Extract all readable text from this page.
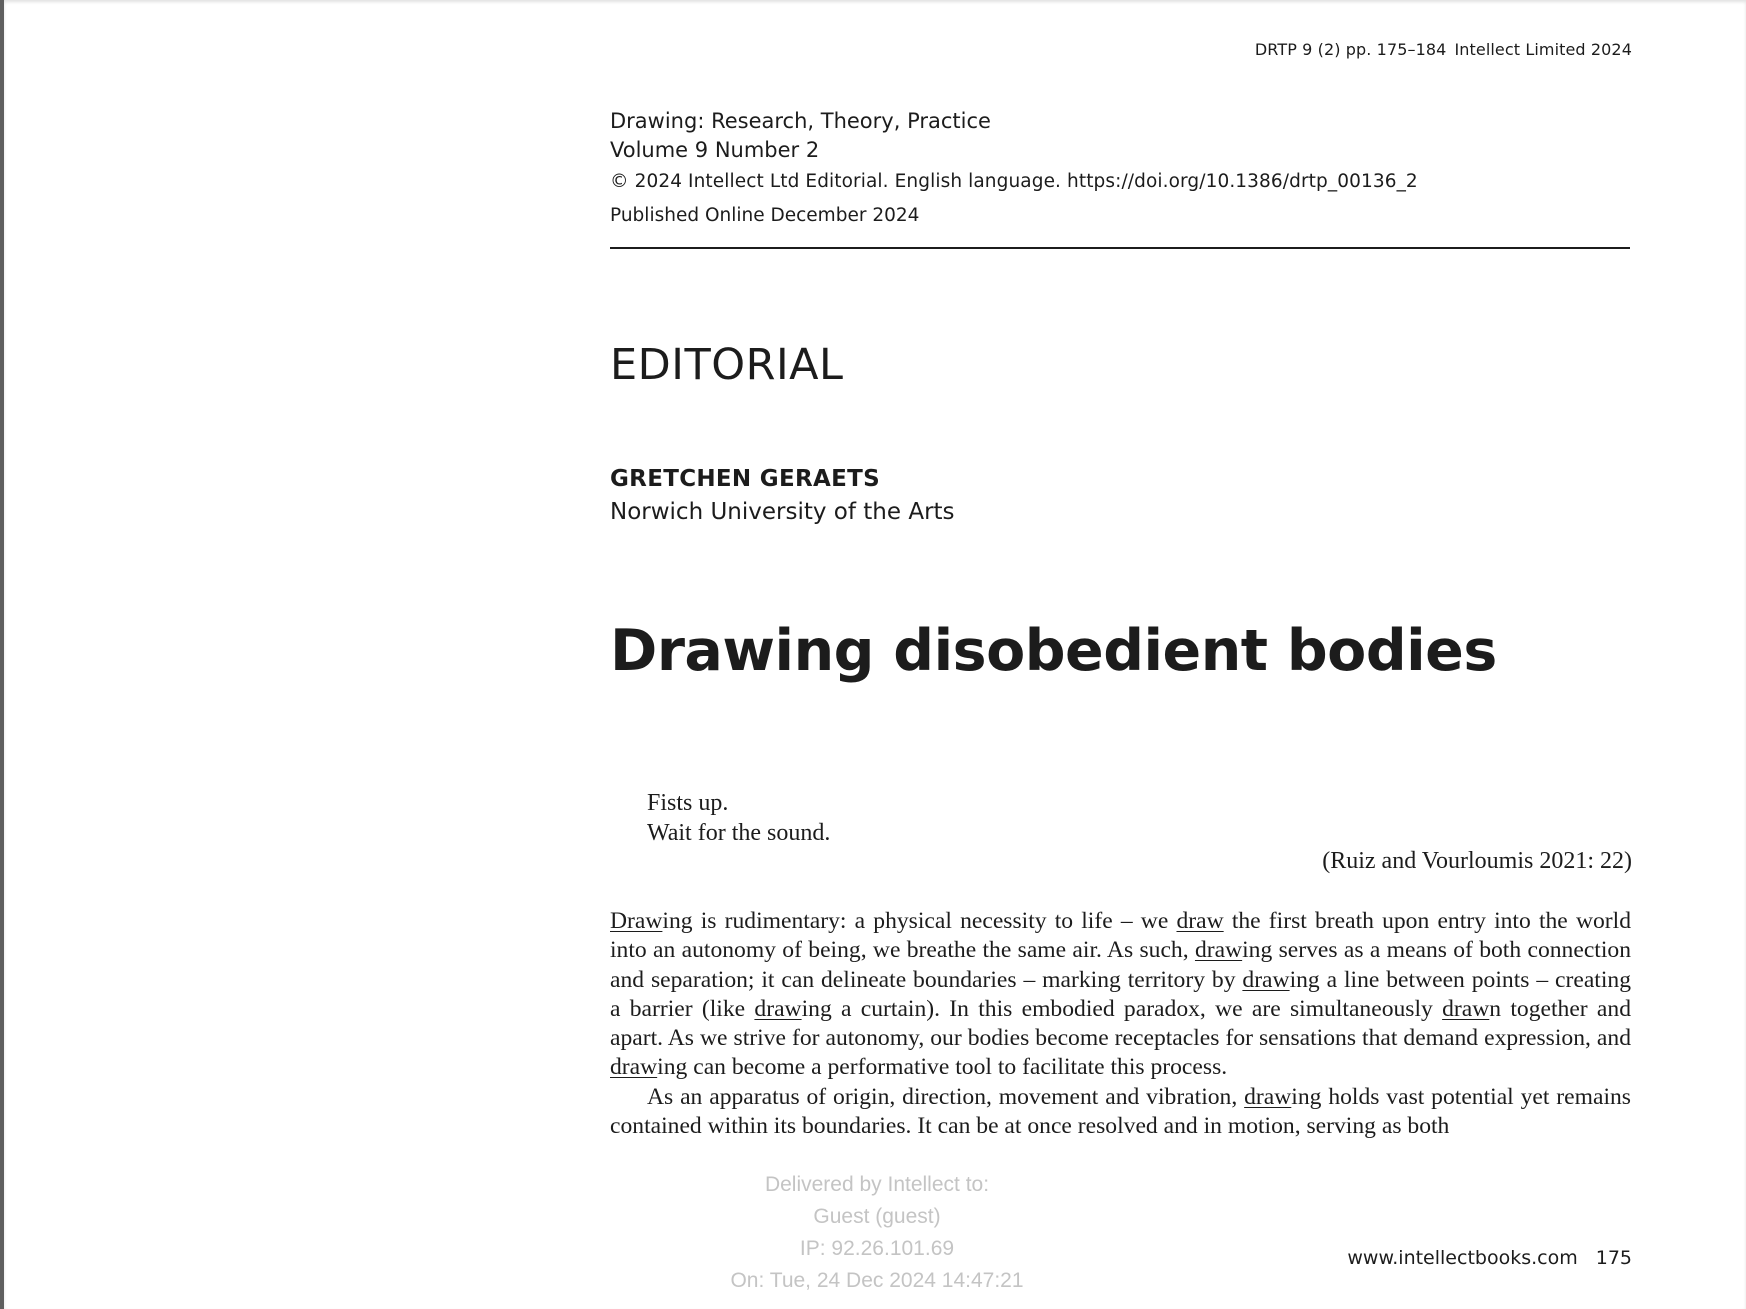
DRTP 9 (2) pp. 175–184 Intellect Limited 2024
Drawing: Research, Theory, Practice
Volume 9 Number 2
© 2024 Intellect Ltd Editorial. English language. https://doi.org/10.1386/drtp_00136_2
Published Online December 2024
EDITORIAL
GRETCHEN GERAETS
Norwich University of the Arts
Drawing disobedient bodies
Fists up.
Wait for the sound.
(Ruiz and Vourloumis 2021: 22)

Drawing is rudimentary: a physical necessity to life – we draw the first breath upon entry into the world into an autonomy of being, we breathe the same air. As such, drawing serves as a means of both connection and separation; it can delineate boundaries – marking territory by drawing a line between points – creating a barrier (like drawing a curtain). In this embodied paradox, we are simultaneously drawn together and apart. As we strive for autonomy, our bodies become receptacles for sensations that demand expression, and drawing can become a performative tool to facilitate this process.

As an apparatus of origin, direction, movement and vibration, drawing holds vast potential yet remains contained within its boundaries. It can be at once resolved and in motion, serving as both

Delivered by Intellect to:
Guest (guest)
IP: 92.26.101.69
On: Tue, 24 Dec 2024 14:47:21
www.intellectbooks.com 175
